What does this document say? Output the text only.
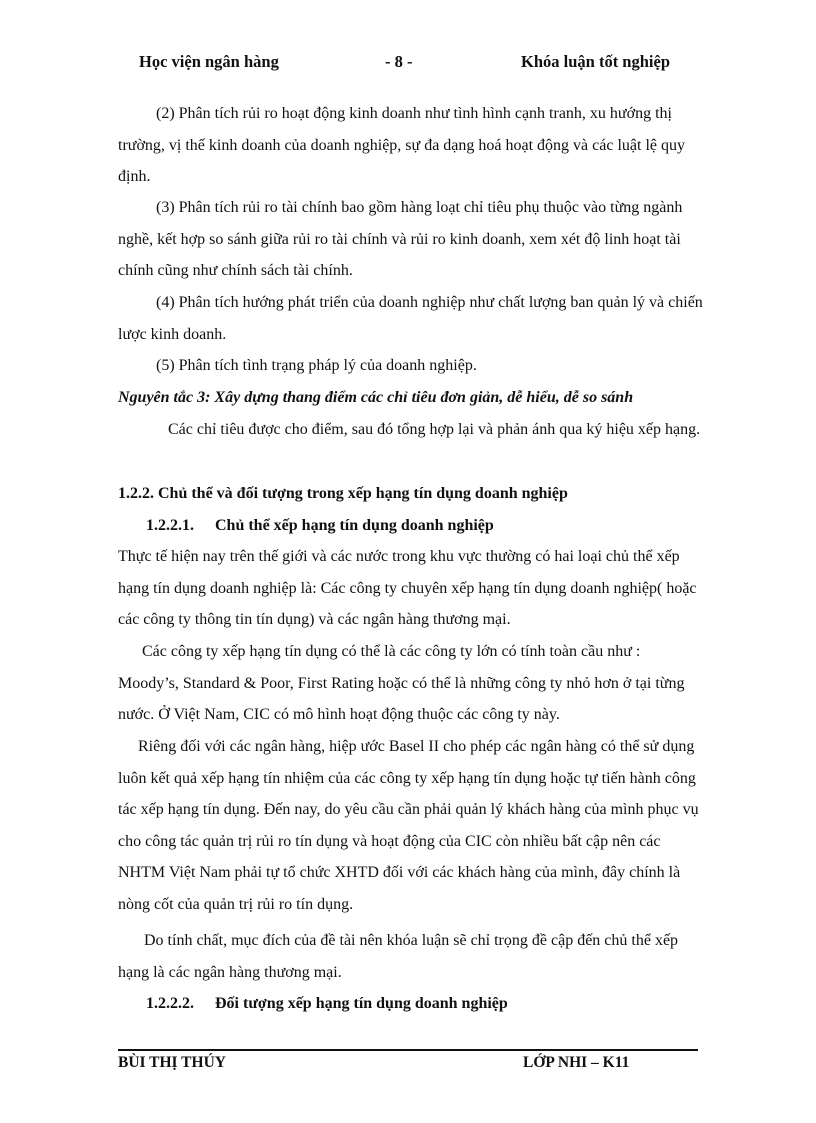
Học viện ngân hàng	- 8 -	Khóa luận tốt nghiệp

(2) Phân tích rủi ro hoạt động kinh doanh như tình hình cạnh tranh, xu hướng thị trường, vị thế kinh doanh của doanh nghiệp, sự đa dạng hoá hoạt động và các luật lệ quy định.

(3) Phân tích rủi ro tài chính bao gồm hàng loạt chỉ tiêu phụ thuộc vào từng ngành nghề, kết hợp so sánh giữa rủi ro tài chính và rủi ro kinh doanh, xem xét độ linh hoạt tài chính cũng như chính sách tài chính.

(4) Phân tích hướng phát triển của doanh nghiệp như chất lượng ban quản lý và chiến lược kinh doanh.

(5) Phân tích tình trạng pháp lý của doanh nghiệp.

Nguyên tắc 3: Xây dựng thang điểm các chỉ tiêu đơn giản, dễ hiểu, dễ so sánh

Các chỉ tiêu được cho điểm, sau đó tổng hợp lại và phản ánh qua ký hiệu xếp hạng.

1.2.2. Chủ thể và đối tượng trong xếp hạng tín dụng doanh nghiệp
1.2.2.1. Chủ thể xếp hạng tín dụng doanh nghiệp

Thực tế hiện nay trên thế giới và các nước trong khu vực thường có hai loại chủ thể xếp hạng tín dụng doanh nghiệp là: Các công ty chuyên xếp hạng tín dụng doanh nghiệp( hoặc các công ty thông tin tín dụng) và các ngân hàng thương mại.

Các công ty xếp hạng tín dụng có thể là các công ty lớn có tính toàn cầu như : Moody’s, Standard & Poor, First Rating hoặc có thể là những công ty nhỏ hơn ở tại từng nước. Ở Việt Nam, CIC có mô hình hoạt động thuộc các công ty này.

Riêng đối với các ngân hàng, hiệp ước Basel II cho phép các ngân hàng có thể sử dụng luôn kết quả xếp hạng tín nhiệm của các công ty xếp hạng tín dụng hoặc tự tiến hành công tác xếp hạng tín dụng. Đến nay, do yêu cầu cần phải quản lý khách hàng của mình phục vụ cho công tác quản trị rủi ro tín dụng và hoạt động của CIC còn nhiều bất cập nên các NHTM Việt Nam phải tự tổ chức XHTD đối với các khách hàng của mình, đây chính là nòng cốt của quản trị rủi ro tín dụng.

Do tính chất, mục đích của đề tài nên khóa luận sẽ chỉ trọng đề cập đến chủ thể xếp hạng là các ngân hàng thương mại.

1.2.2.2. Đối tượng xếp hạng tín dụng doanh nghiệp
BÙI THỊ THÚY	LỚP NHI – K11
